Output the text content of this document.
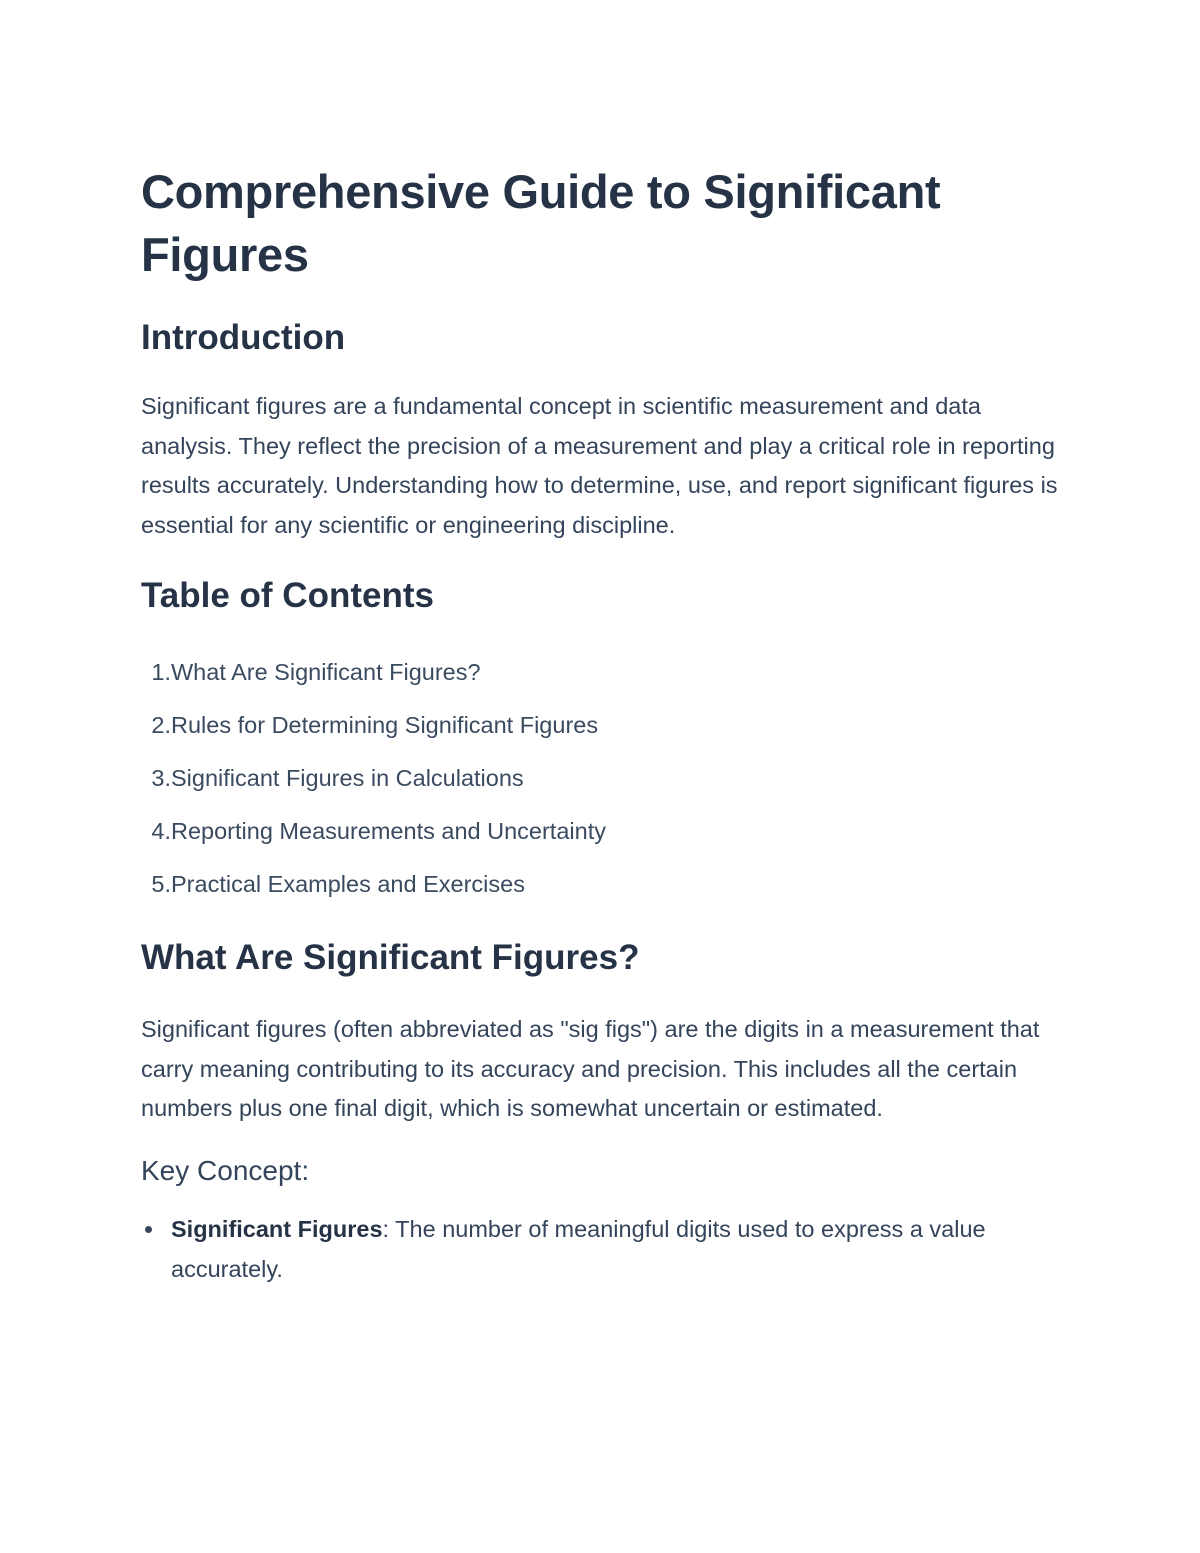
Comprehensive Guide to Significant Figures
Introduction

Significant figures are a fundamental concept in scientific measurement and data analysis. They reflect the precision of a measurement and play a critical role in reporting results accurately. Understanding how to determine, use, and report significant figures is essential for any scientific or engineering discipline.

Table of Contents
1. What Are Significant Figures?
2. Rules for Determining Significant Figures
3. Significant Figures in Calculations
4. Reporting Measurements and Uncertainty
5. Practical Examples and Exercises
What Are Significant Figures?

Significant figures (often abbreviated as "sig figs") are the digits in a measurement that carry meaning contributing to its accuracy and precision. This includes all the certain numbers plus one final digit, which is somewhat uncertain or estimated.

Key Concept:
Significant Figures: The number of meaningful digits used to express a value accurately.
